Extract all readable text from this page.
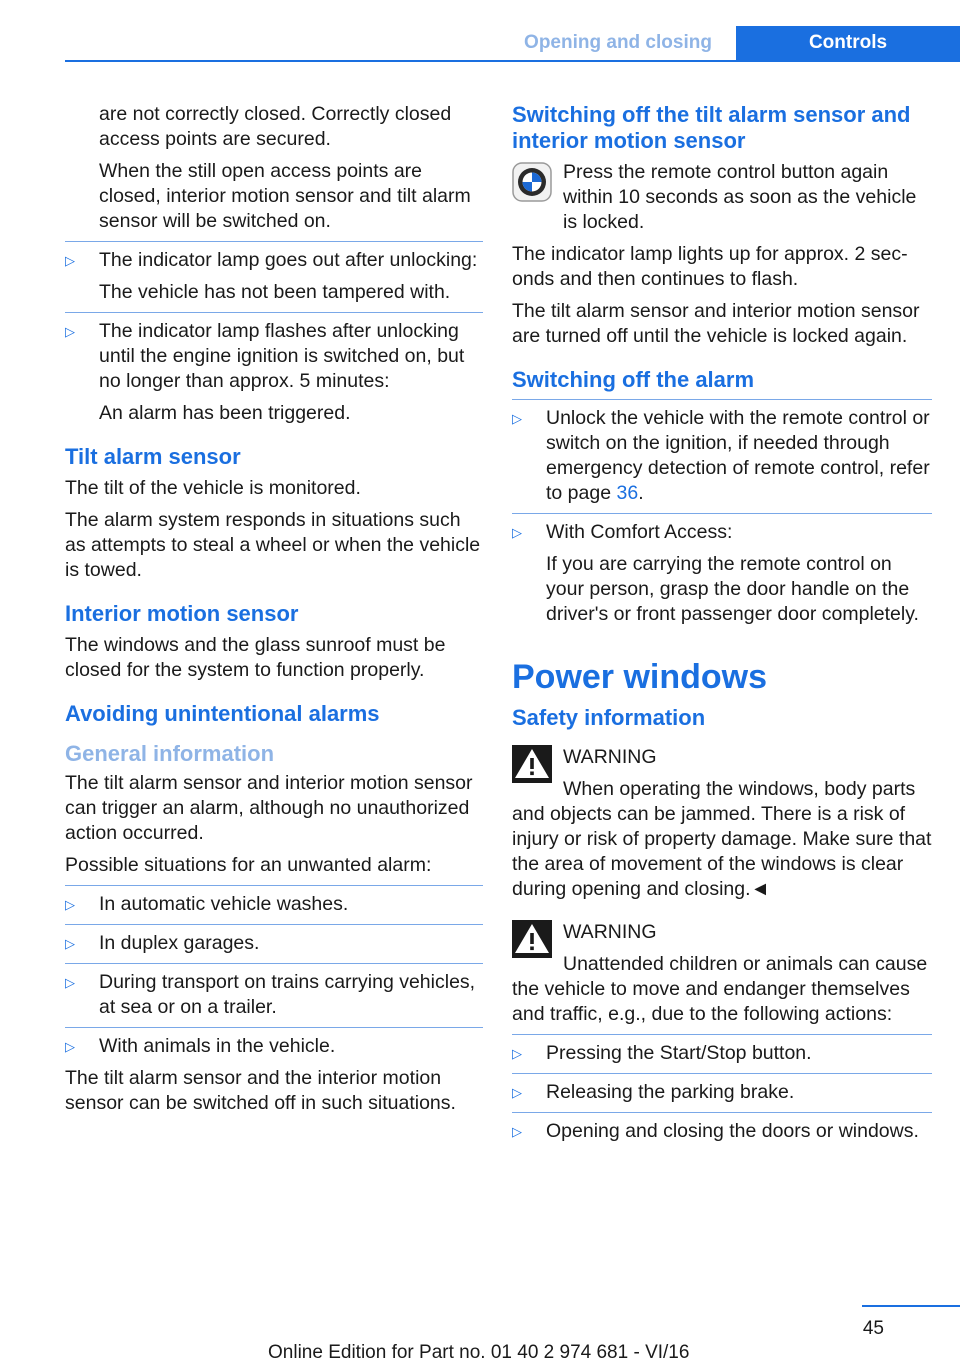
Opening and closing	Controls

are not correctly closed. Correctly closed access points are secured.

When the still open access points are closed, interior motion sensor and tilt alarm sensor will be switched on.

▷ The indicator lamp goes out after unlocking:

The vehicle has not been tampered with.

▷ The indicator lamp flashes after unlocking until the engine ignition is switched on, but no longer than approx. 5 minutes:

An alarm has been triggered.

Tilt alarm sensor

The tilt of the vehicle is monitored.

The alarm system responds in situations such as attempts to steal a wheel or when the vehicle is towed.

Interior motion sensor

The windows and the glass sunroof must be closed for the system to function properly.

Avoiding unintentional alarms
General information

The tilt alarm sensor and interior motion sensor can trigger an alarm, although no unauthorized action occurred.

Possible situations for an unwanted alarm:

▷ In automatic vehicle washes.

▷ In duplex garages.

▷ During transport on trains carrying vehicles, at sea or on a trailer.

▷ With animals in the vehicle.

The tilt alarm sensor and the interior motion sensor can be switched off in such situations.

Switching off the tilt alarm sensor and interior motion sensor

Press the remote control button again within 10 seconds as soon as the vehicle is locked.

The indicator lamp lights up for approx. 2 seconds and then continues to flash.

The tilt alarm sensor and interior motion sensor are turned off until the vehicle is locked again.

Switching off the alarm
▷ Unlock the vehicle with the remote control or switch on the ignition, if needed through emergency detection of remote control, refer to page 36.

▷ With Comfort Access:

If you are carrying the remote control on your person, grasp the door handle on the driver's or front passenger door completely.

Power windows
Safety information

WARNING

When operating the windows, body parts and objects can be jammed. There is a risk of injury or risk of property damage. Make sure that the area of movement of the windows is clear during opening and closing.◄

WARNING

Unattended children or animals can cause the vehicle to move and endanger themselves and traffic, e.g., due to the following actions:

▷ Pressing the Start/Stop button.

▷ Releasing the parking brake.

▷ Opening and closing the doors or windows.

45
Online Edition for Part no. 01 40 2 974 681 - VI/16
